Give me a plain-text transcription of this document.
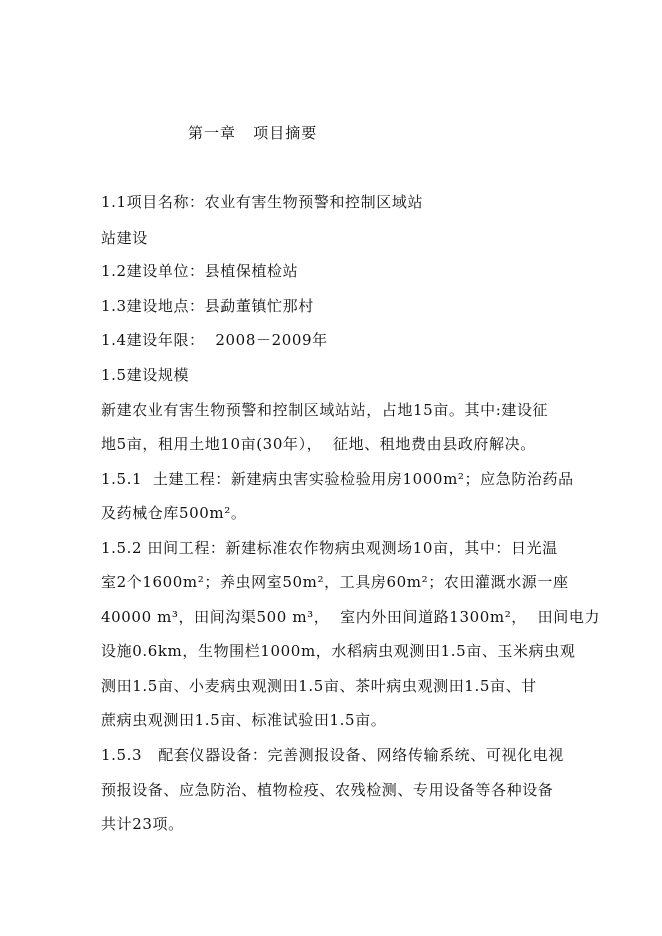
第一章   项目摘要
1.1项目名称：农业有害生物预警和控制区域站
站建设
1.2建设单位：县植保植检站
1.3建设地点：县勐董镇忙那村
1.4建设年限：  2008－2009年
1.5建设规模
新建农业有害生物预警和控制区域站站，占地15亩。其中:建设征
地5亩，租用土地10亩(30年），  征地、租地费由县政府解决。
1.5.1  土建工程：新建病虫害实验检验用房1000m²；应急防治药品
及药械仓库500m²。
1.5.2 田间工程：新建标准农作物病虫观测场10亩，其中：日光温
室2个1600m²；养虫网室50m²，工具房60m²；农田灌溉水源一座
40000 m³，田间沟渠500 m³，  室内外田间道路1300m²，  田间电力
设施0.6km，生物围栏1000m，水稻病虫观测田1.5亩、玉米病虫观
测田1.5亩、小麦病虫观测田1.5亩、茶叶病虫观测田1.5亩、甘
蔗病虫观测田1.5亩、标准试验田1.5亩。
1.5.3   配套仪器设备：完善测报设备、网络传输系统、可视化电视
预报设备、应急防治、植物检疫、农残检测、专用设备等各种设备
共计23项。
